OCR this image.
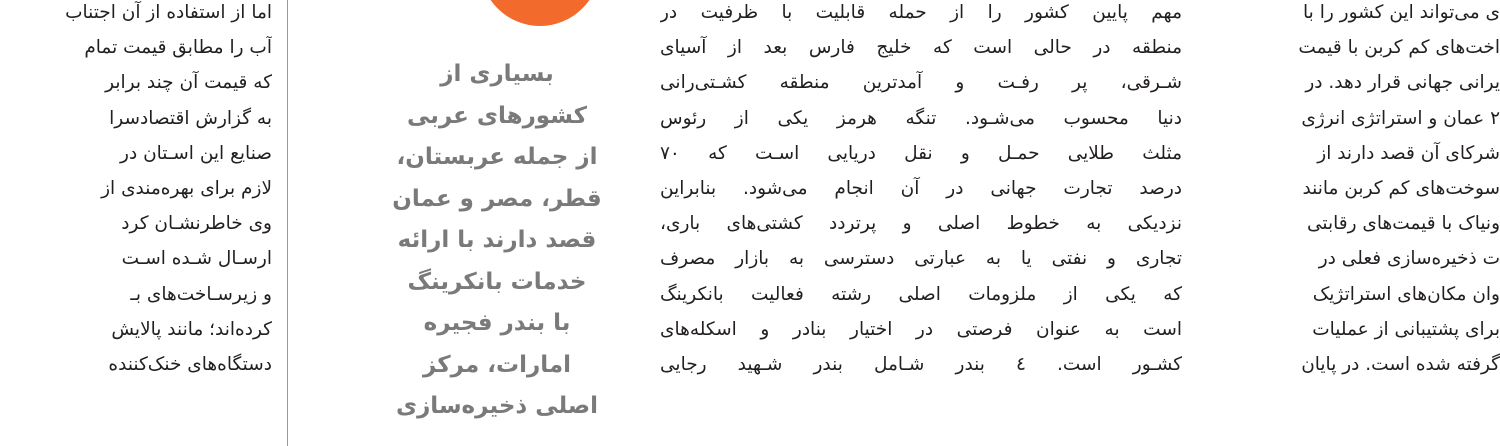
ی می‌تواند این کشور را با
اخت‌های کم کربن با قیمت
یرانی جهانی قرار دهد. در
۲ عمان و استراتژی انرژی
شرکای آن قصد دارند از
سوخت‌های کم کربن مانند
ونیاک با قیمت‌های رقابتی
ت ذخیره‌سازی فعلی در
وان مکان‌های استراتژیک
برای پشتیبانی از عملیات
گرفته شده است. در پایان
مهم پایین کشور را از حمله قابلیت با ظرفیت در
منطقه در حالی است که خلیج فارس بعد از آسیای
شـرقی، پر رفـت و آمدترین منطقه کشـتی‌رانی
دنیا محسوب می‌شـود. تنگه هرمز یکی از رئوس
مثلث طلایی حمـل و نقل دریایی اسـت که ۷۰
درصد تجارت جهانی در آن انجام می‌شود. بنابراین
نزدیکی به خطوط اصلی و پرتردد کشتی‌های باری،
تجاری و نفتی یا به عبارتی دسترسی به بازار مصرف
که یکی از ملزومات اصلی رشته فعالیت بانکرینگ
است به عنوان فرصتی در اختیار بنادر و اسکله‌های
کشـور است. ٤ بندر شـامل بندر شـهید رجایی
بسیاری از
کشورهای عربی
از جمله عربستان،
قطر، مصر و عمان
قصد دارند با ارائه
خدمات بانکرینگ
با بندر فجیره
امارات، مرکز
اصلی ذخیره‌سازی
اما از استفاده از آن اجتناب
آب را مطابق قیمت تمام
که قیمت آن چند برابر
به گزارش اقتصادسرا
صنایع این اسـتان در
لازم برای بهره‌مندی از
وی خاطرنشـان کرد
ارسـال شـده اسـت
و زیرسـاخت‌های بـ
کرده‌اند؛ مانند پالایش
دستگاه‌های خنک‌کننده
